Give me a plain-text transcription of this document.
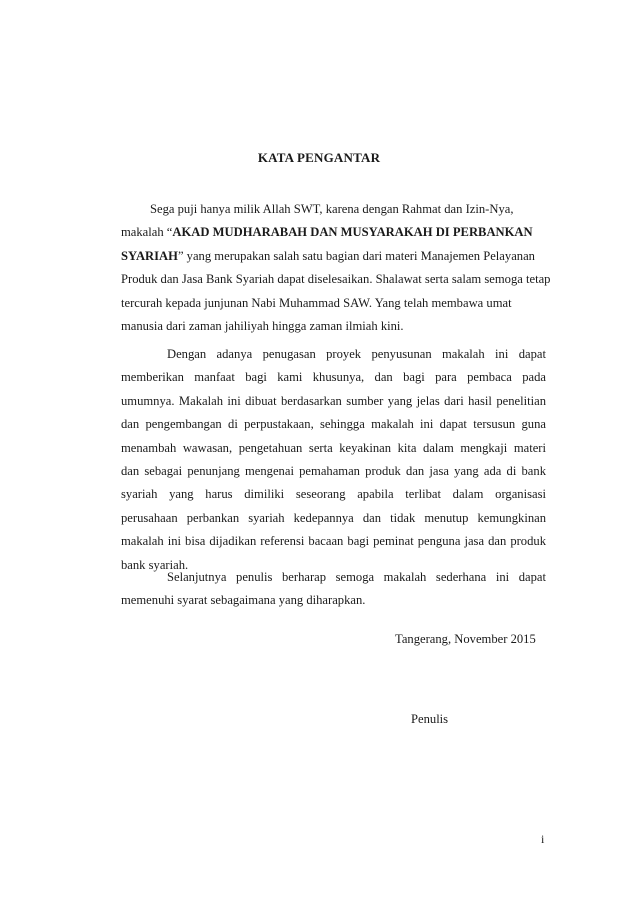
KATA PENGANTAR
Sega puji hanya milik Allah SWT, karena dengan Rahmat dan Izin-Nya,
makalah “AKAD MUDHARABAH DAN MUSYARAKAH DI PERBANKAN
SYARIAH” yang merupakan salah satu bagian dari materi Manajemen Pelayanan
Produk dan Jasa Bank Syariah dapat diselesaikan. Shalawat serta salam semoga tetap
tercurah kepada junjunan Nabi Muhammad SAW. Yang telah membawa umat
manusia dari zaman jahiliyah hingga zaman ilmiah kini.
Dengan adanya penugasan proyek penyusunan makalah ini dapat
memberikan manfaat bagi kami khusunya, dan bagi para pembaca pada
umumnya. Makalah ini dibuat berdasarkan sumber yang jelas dari hasil penelitian
dan pengembangan di perpustakaan, sehingga makalah ini dapat tersusun guna
menambah wawasan, pengetahuan serta keyakinan kita dalam mengkaji materi
dan sebagai penunjang mengenai pemahaman produk dan jasa yang ada di bank
syariah yang harus dimiliki seseorang apabila terlibat dalam organisasi
perusahaan perbankan syariah kedepannya dan tidak menutup kemungkinan
makalah ini bisa dijadikan referensi bacaan bagi peminat penguna jasa dan produk
bank syariah.
Selanjutnya penulis berharap semoga makalah sederhana ini dapat
memenuhi syarat sebagaimana yang diharapkan.
Tangerang, November 2015
Penulis
i
